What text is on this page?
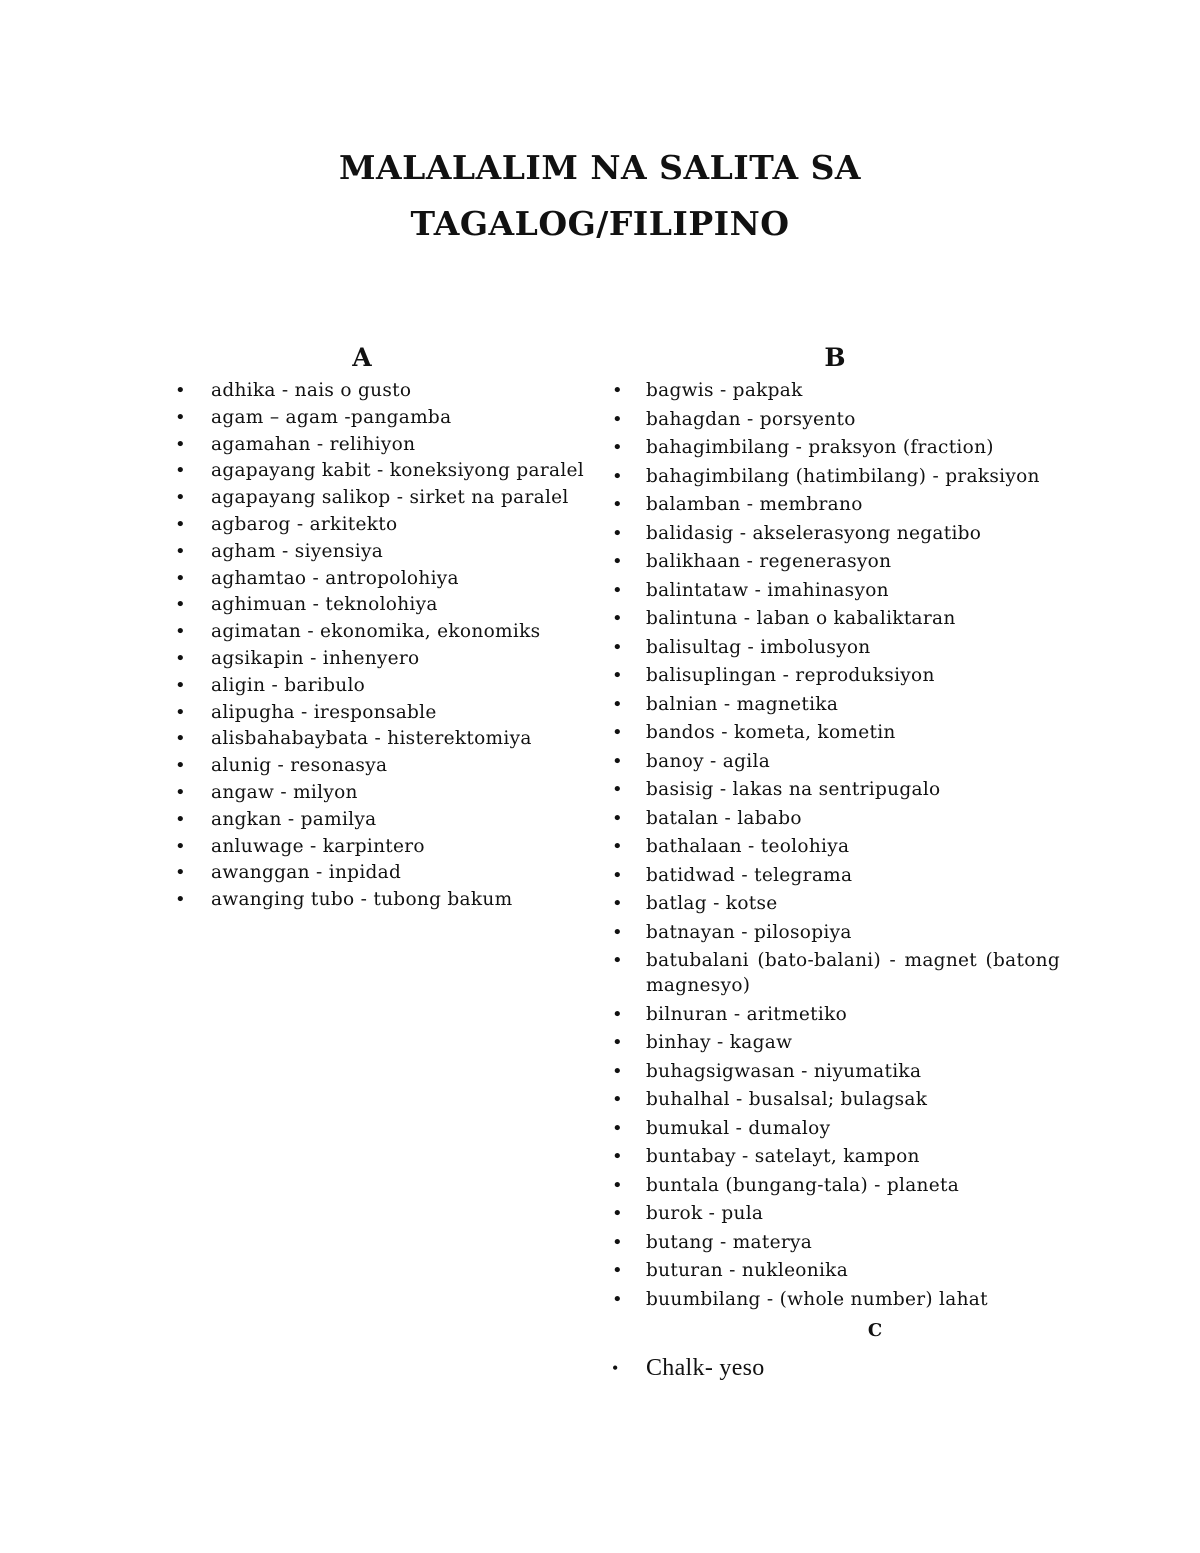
MALALALIM NA SALITA SA
TAGALOG/FILIPINO
A
• adhika - nais o gusto
• agam – agam -pangamba
• agamahan - relihiyon
• agapayang kabit - koneksiyong paralel
• agapayang salikop - sirket na paralel
• agbarog - arkitekto
• agham - siyensiya
• aghamtao - antropolohiya
• aghimuan - teknolohiya
• agimatan - ekonomika, ekonomiks
• agsikapin - inhenyero
• aligin - baribulo
• alipugha - iresponsable
• alisbahabaybata - histerektomiya
• alunig - resonasya
• angaw - milyon
• angkan - pamilya
• anluwage - karpintero
• awanggan - inpidad
• awanging tubo - tubong bakum
B
• bagwis - pakpak
• bahagdan - porsyento
• bahagimbilang - praksyon (fraction)
• bahagimbilang (hatimbilang) - praksiyon
• balamban - membrano
• balidasig - akselerasyong negatibo
• balikhaan - regenerasyon
• balintataw - imahinasyon
• balintuna - laban o kabaliktaran
• balisultag - imbolusyon
• balisuplingan - reproduksiyon
• balnian - magnetika
• bandos - kometa, kometin
• banoy - agila
• basisig - lakas na sentripugalo
• batalan - lababo
• bathalaan - teolohiya
• batidwad - telegrama
• batlag - kotse
• batnayan - pilosopiya
• batubalani (bato-balani) - magnet (batong magnesyo)
• bilnuran - aritmetiko
• binhay - kagaw
• buhagsigwasan - niyumatika
• buhalhal - busalsal; bulagsak
• bumukal - dumaloy
• buntabay - satelayt, kampon
• buntala (bungang-tala) - planeta
• burok - pula
• butang - materya
• buturan - nukleonika
• buumbilang - (whole number) lahat
C
• Chalk- yeso
